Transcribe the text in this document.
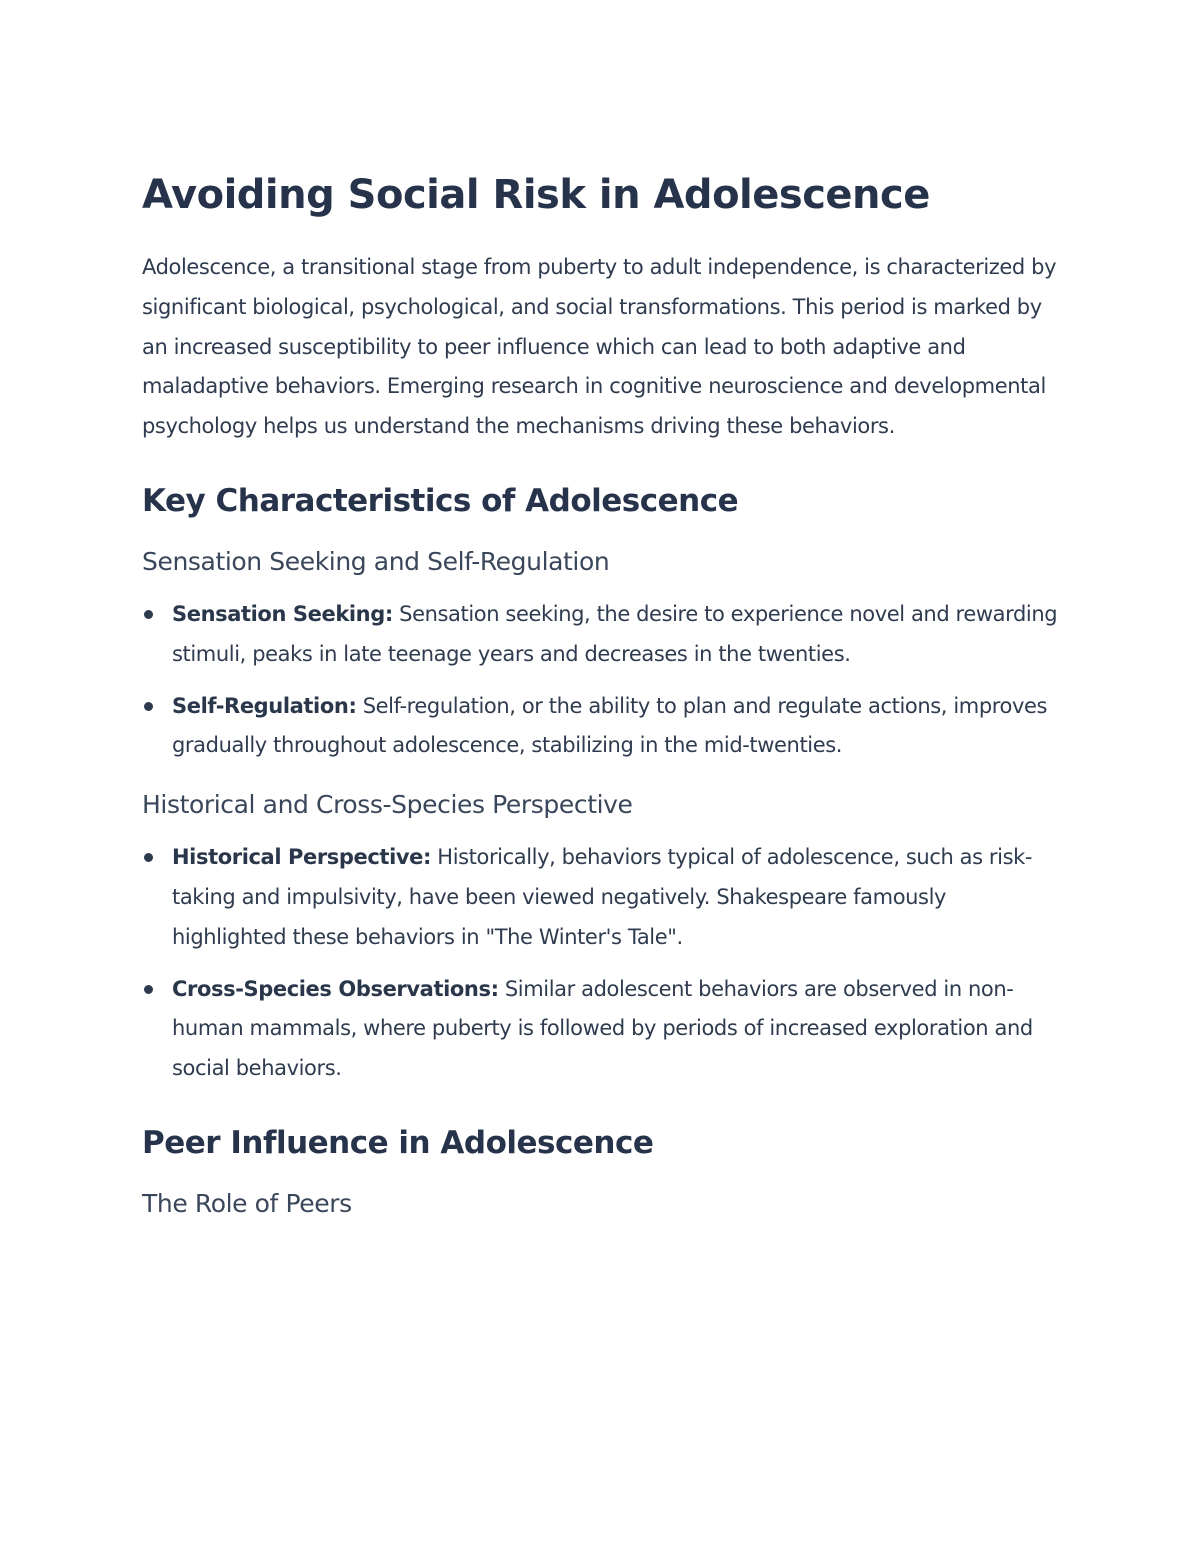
Avoiding Social Risk in Adolescence

Adolescence, a transitional stage from puberty to adult independence, is characterized by significant biological, psychological, and social transformations. This period is marked by an increased susceptibility to peer influence which can lead to both adaptive and maladaptive behaviors. Emerging research in cognitive neuroscience and developmental psychology helps us understand the mechanisms driving these behaviors.

Key Characteristics of Adolescence
Sensation Seeking and Self-Regulation
Sensation Seeking: Sensation seeking, the desire to experience novel and rewarding stimuli, peaks in late teenage years and decreases in the twenties.
Self-Regulation: Self-regulation, or the ability to plan and regulate actions, improves gradually throughout adolescence, stabilizing in the mid-twenties.
Historical and Cross-Species Perspective
Historical Perspective: Historically, behaviors typical of adolescence, such as risk-taking and impulsivity, have been viewed negatively. Shakespeare famously highlighted these behaviors in "The Winter's Tale".
Cross-Species Observations: Similar adolescent behaviors are observed in non-human mammals, where puberty is followed by periods of increased exploration and social behaviors.
Peer Influence in Adolescence
The Role of Peers
